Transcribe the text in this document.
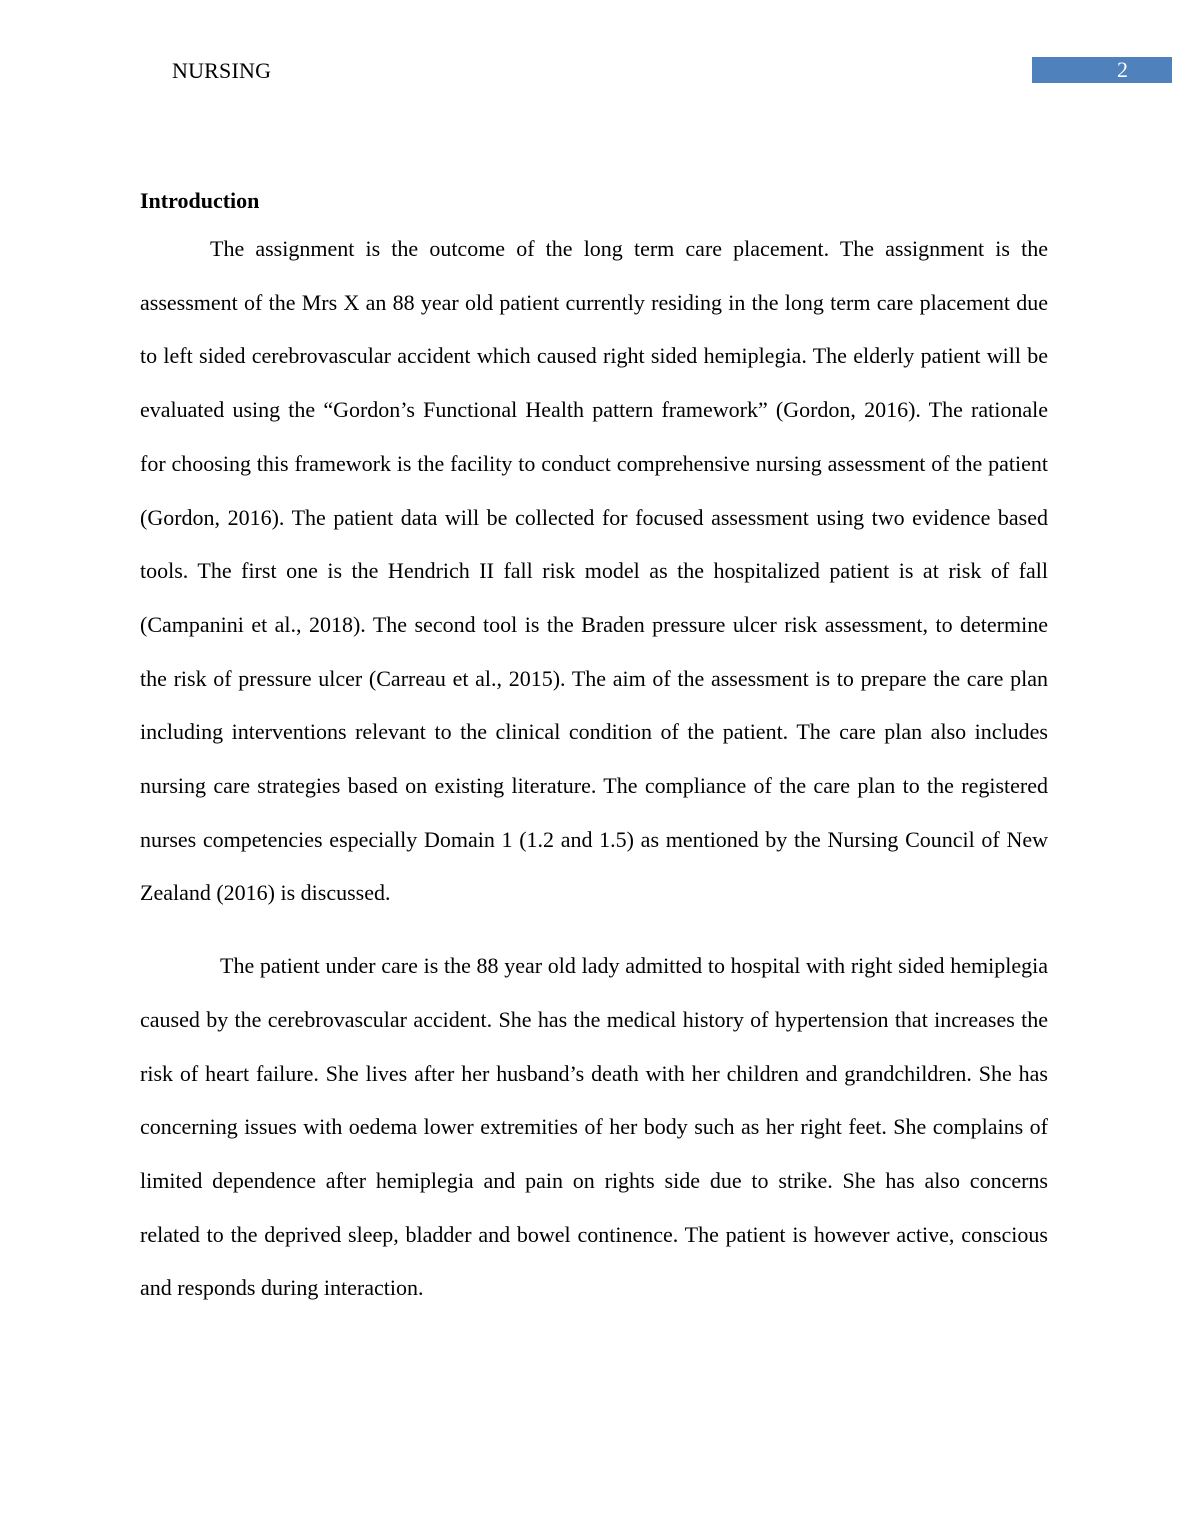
NURSING	2
Introduction

The assignment is the outcome of the long term care placement. The assignment is the assessment of the Mrs X an 88 year old patient currently residing in the long term care placement due to left sided cerebrovascular accident which caused right sided hemiplegia. The elderly patient will be evaluated using the “Gordon’s Functional Health pattern framework” (Gordon, 2016). The rationale for choosing this framework is the facility to conduct comprehensive nursing assessment of the patient (Gordon, 2016). The patient data will be collected for focused assessment using two evidence based tools. The first one is the Hendrich II fall risk model as the hospitalized patient is at risk of fall (Campanini et al., 2018). The second tool is the Braden pressure ulcer risk assessment, to determine the risk of pressure ulcer (Carreau et al., 2015). The aim of the assessment is to prepare the care plan including interventions relevant to the clinical condition of the patient. The care plan also includes nursing care strategies based on existing literature. The compliance of the care plan to the registered nurses competencies especially Domain 1 (1.2 and 1.5) as mentioned by the Nursing Council of New Zealand (2016) is discussed.

The patient under care is the 88 year old lady admitted to hospital with right sided hemiplegia caused by the cerebrovascular accident. She has the medical history of hypertension that increases the risk of heart failure. She lives after her husband’s death with her children and grandchildren. She has concerning issues with oedema lower extremities of her body such as her right feet. She complains of limited dependence after hemiplegia and pain on rights side due to strike. She has also concerns related to the deprived sleep, bladder and bowel continence. The patient is however active, conscious and responds during interaction.
